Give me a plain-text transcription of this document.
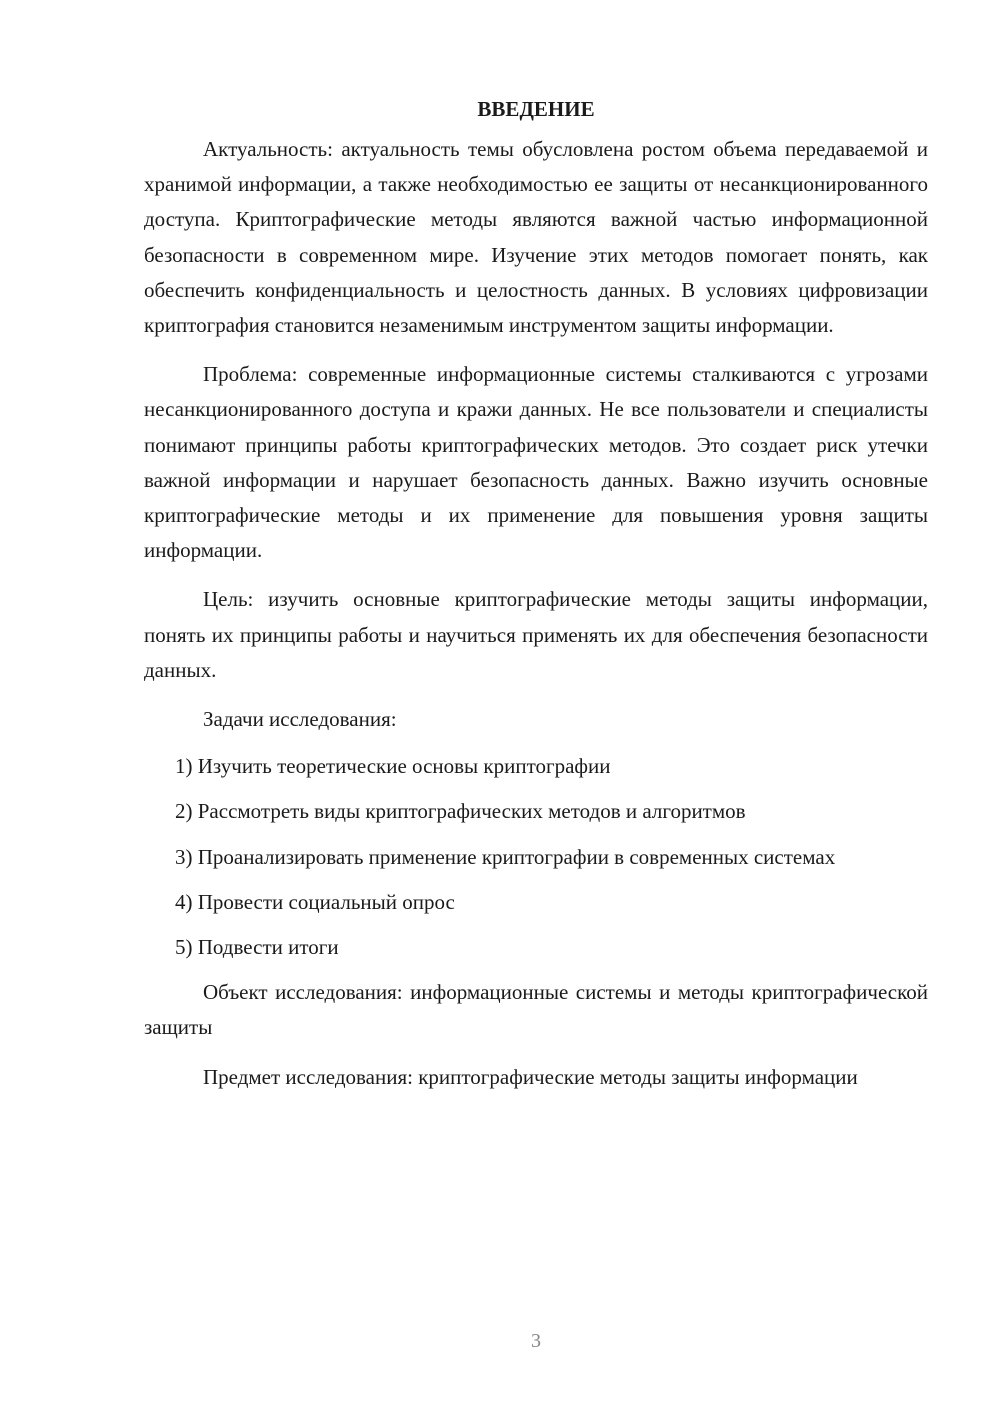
ВВЕДЕНИЕ

Актуальность: актуальность темы обусловлена ростом объема передаваемой и хранимой информации, а также необходимостью ее защиты от несанкционированного доступа. Криптографические методы являются важной частью информационной безопасности в современном мире. Изучение этих методов помогает понять, как обеспечить конфиденциальность и целостность данных. В условиях цифровизации криптография становится незаменимым инструментом защиты информации.

Проблема: современные информационные системы сталкиваются с угрозами несанкционированного доступа и кражи данных. Не все пользователи и специалисты понимают принципы работы криптографических методов. Это создает риск утечки важной информации и нарушает безопасность данных. Важно изучить основные криптографические методы и их применение для повышения уровня защиты информации.

Цель: изучить основные криптографические методы защиты информации, понять их принципы работы и научиться применять их для обеспечения безопасности данных.

Задачи исследования:

1) Изучить теоретические основы криптографии

2) Рассмотреть виды криптографических методов и алгоритмов

3) Проанализировать применение криптографии в современных системах

4) Провести социальный опрос

5) Подвести итоги

Объект исследования: информационные системы и методы криптографической защиты

Предмет исследования: криптографические методы защиты информации

3
